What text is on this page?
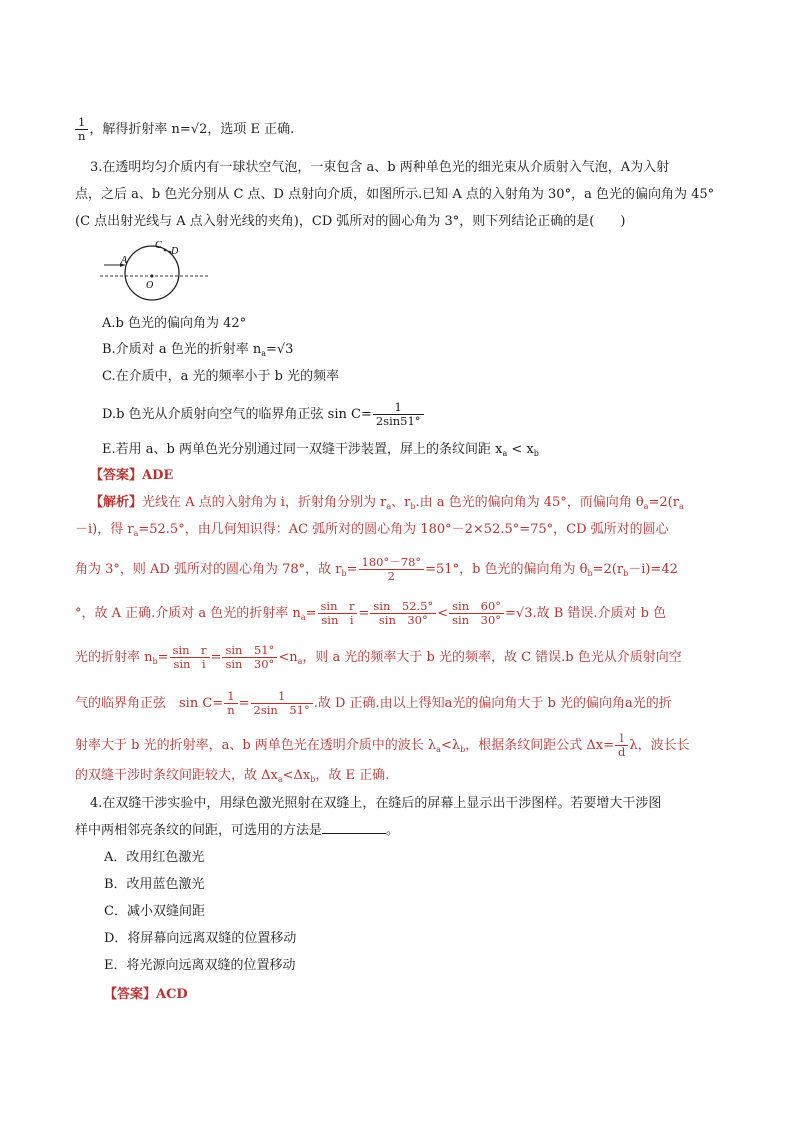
$\frac{1}{n}$ ，解得折射率 n=√2，选项 E 正确.
3.在透明均匀介质内有一球状空气泡，一束包含 a、b 两种单色光的细光束从介质射入气泡，A为入射
点，之后 a、b 色光分别从 C 点、D 点射向介质，如图所示.已知 A 点的入射角为 30°，a 色光的偏向角为 45°
(C 点出射光线与 A 点入射光线的夹角)，CD 弧所对的圆心角为 3°，则下列结论正确的是(　　)
A
C
D
O
A.b 色光的偏向角为 42°
B.介质对 a 色光的折射率 $n_a=√3$
C.在介质中，a 光的频率小于 b 光的频率
D.b 色光从介质射向空气的临界角正弦 $\sin C= \frac{1}{2\sin 51^\circ}$
E.若用 a、b 两单色光分别通过同一双缝干涉装置，屏上的条纹间距 $x_a < x_b$
【答案】ADE
【解析】光线在 A 点的入射角为 i，折射角分别为 $r_a$、$r_b$.由 a 色光的偏向角为 45°，而偏向角 $\theta_a=2(r_a$
－i)，得 $r_a=52.5^\circ$，由几何知识得：AC 弧所对的圆心角为 180°－2×52.5°=75°，CD 弧所对的圆心
角为 3°，则 AD 弧所对的圆心角为 78°，故 $r_b= \frac{180^\circ-78^\circ}{2} =51^\circ$，b 色光的偏向角为 $\theta_b=2(r_b-i)=42$
°，故 A 正确.介质对 a 色光的折射率 $n_a= \frac{\text{sin　r}}{\text{sin　i}} = \frac{\sin 52.5^\circ}{\sin 30^\circ} < \frac{\sin 60^\circ}{\sin 30^\circ} =√3$.故 B 错误.介质对 b 色
光的折射率 $n_b= \frac{\text{sin　r}}{\text{sin　i}} = \frac{\sin 51^\circ}{\sin 30^\circ} <n_a$，则 a 光的频率大于 b 光的频率，故 C 错误.b 色光从介质射向空
气的临界角正弦　$\sin C= \frac{1}{n} = \frac{1}{2\sin 51^\circ}$ .故 D 正确.由以上得知a光的偏向角大于 b 光的偏向角a光的折
射率大于 b 光的折射率，a、b 两单色光在透明介质中的波长 $\lambda_a<\lambda_b$，根据条纹间距公式 $\Delta x= \frac{l}{d}$ λ，波长长
的双缝干涉时条纹间距较大，故 $\Delta x_a<\Delta x_b$，故 E 正确.
4.在双缝干涉实验中，用绿色激光照射在双缝上，在缝后的屏幕上显示出干涉图样。若要增大干涉图
样中两相邻亮条纹的间距，可选用的方法是	。
A．改用红色激光
B．改用蓝色激光
C．减小双缝间距
D．将屏幕向远离双缝的位置移动
E．将光源向远离双缝的位置移动
【答案】ACD
